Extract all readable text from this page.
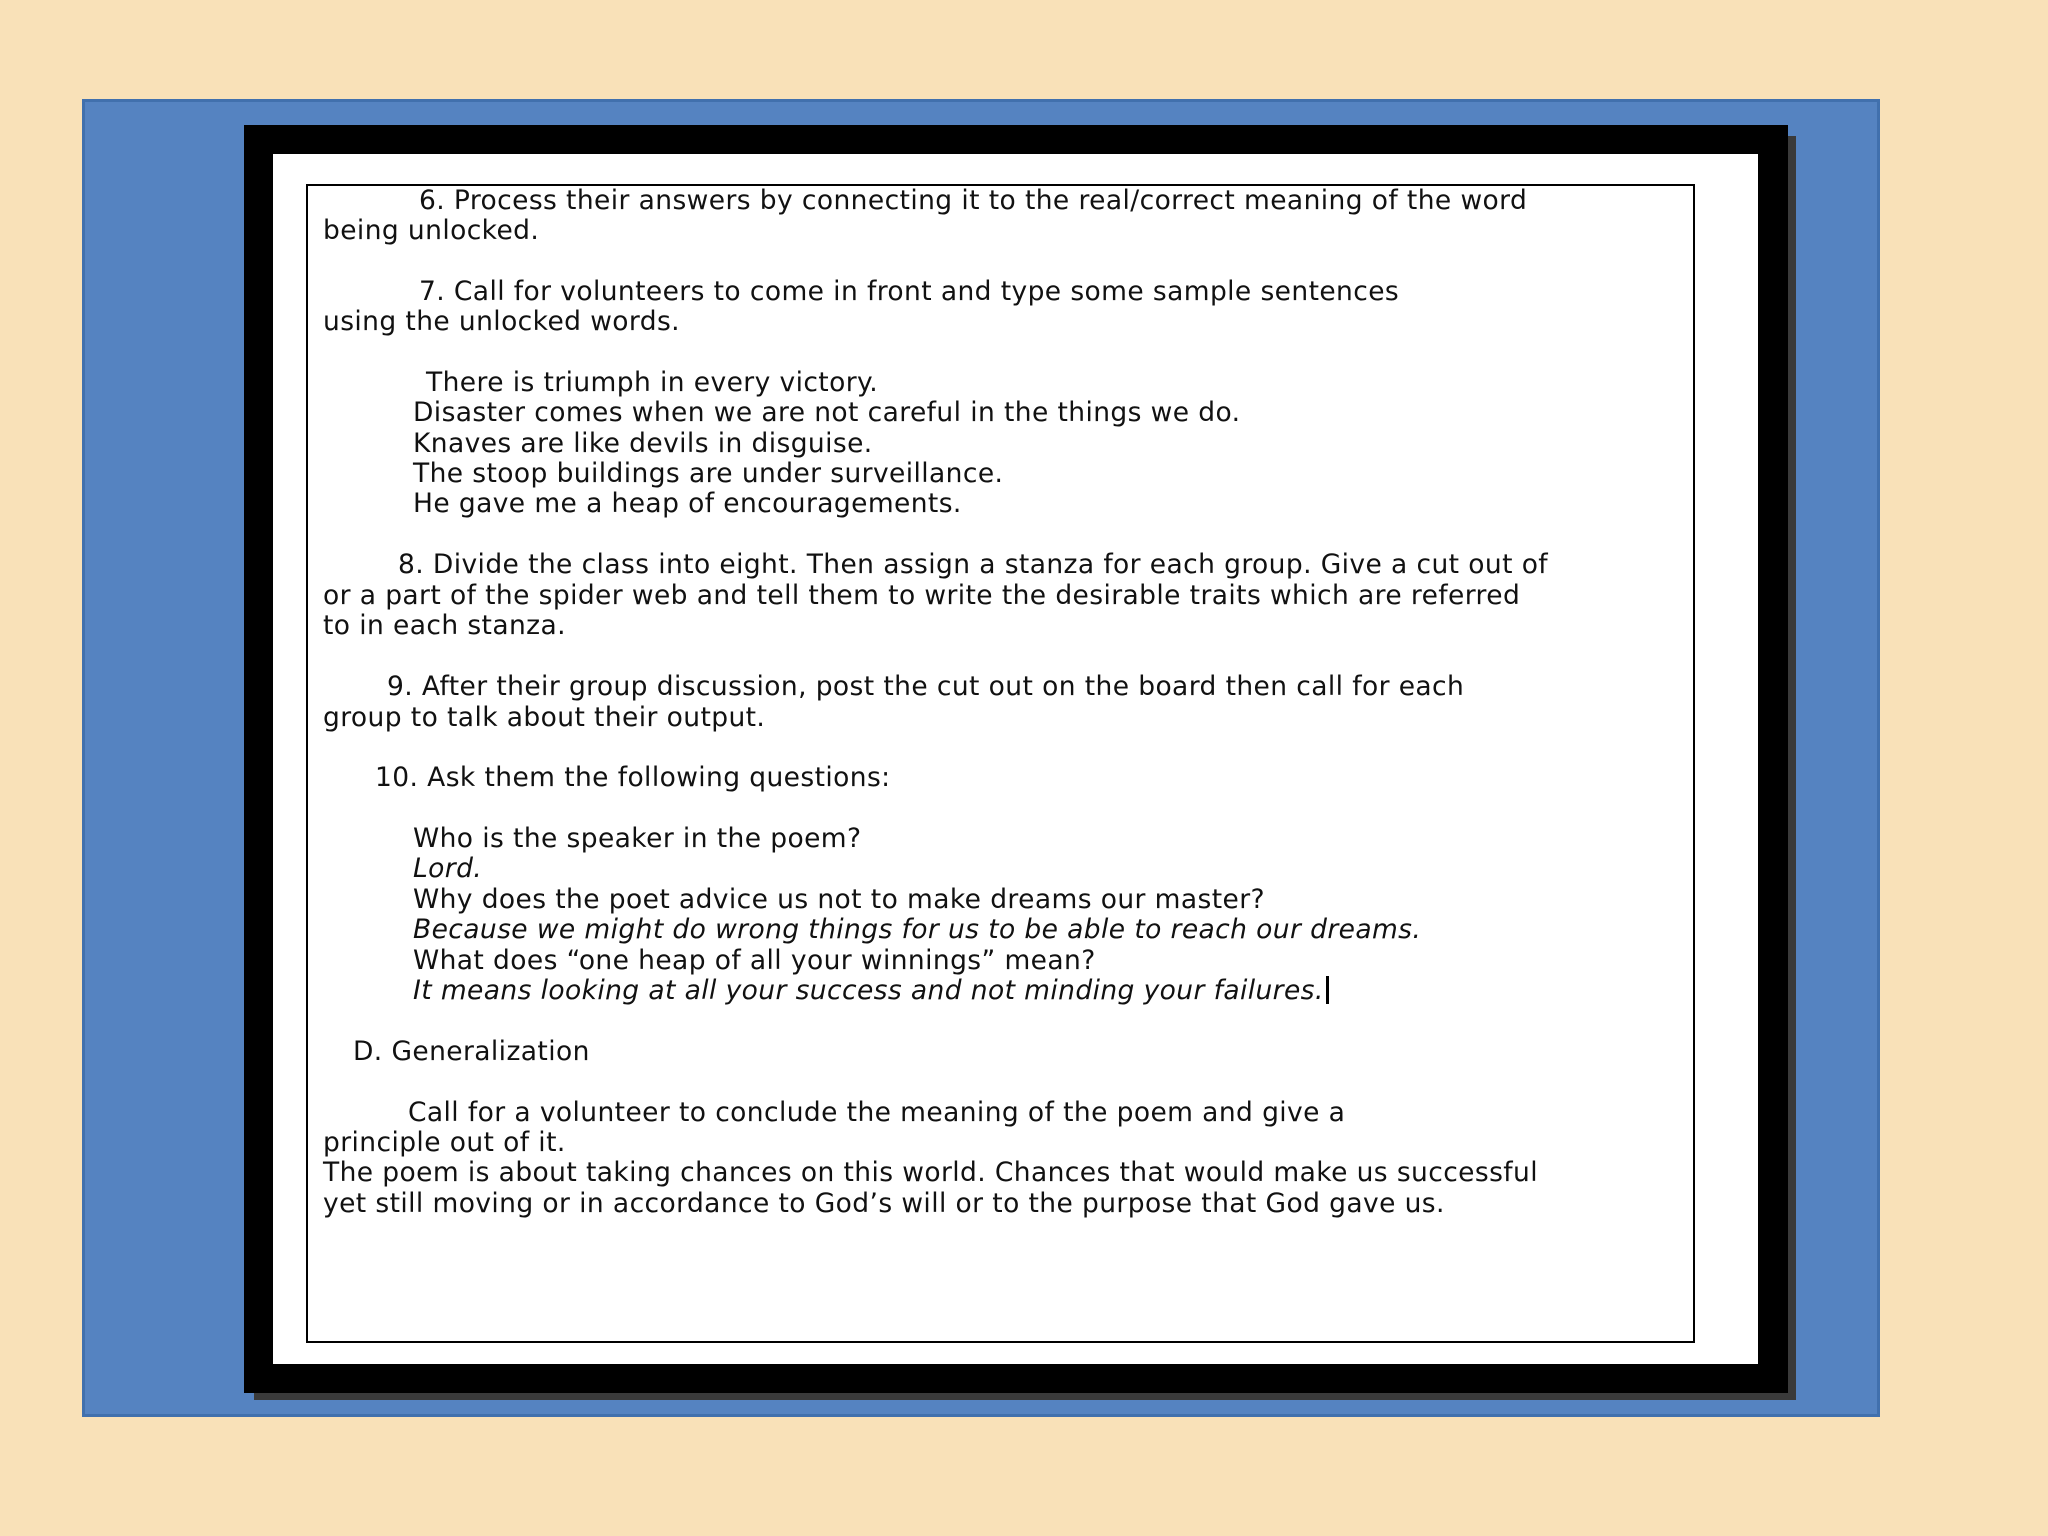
6. Process their answers by connecting it to the real/correct meaning of the word
being unlocked.
7. Call for volunteers to come in front and type some sample sentences
using the unlocked words.
There is triumph in every victory.
Disaster comes when we are not careful in the things we do.
Knaves are like devils in disguise.
The stoop buildings are under surveillance.
He gave me a heap of encouragements.
8. Divide the class into eight. Then assign a stanza for each group. Give a cut out of
or a part of the spider web and tell them to write the desirable traits which are referred
to in each stanza.
9. After their group discussion, post the cut out on the board then call for each
group to talk about their output.
10. Ask them the following questions:
Who is the speaker in the poem?
Lord.
Why does the poet advice us not to make dreams our master?
Because we might do wrong things for us to be able to reach our dreams.
What does “one heap of all your winnings” mean?
It means looking at all your success and not minding your failures.
D. Generalization
Call for a volunteer to conclude the meaning of the poem and give a
principle out of it.
The poem is about taking chances on this world. Chances that would make us successful
yet still moving or in accordance to God’s will or to the purpose that God gave us.
